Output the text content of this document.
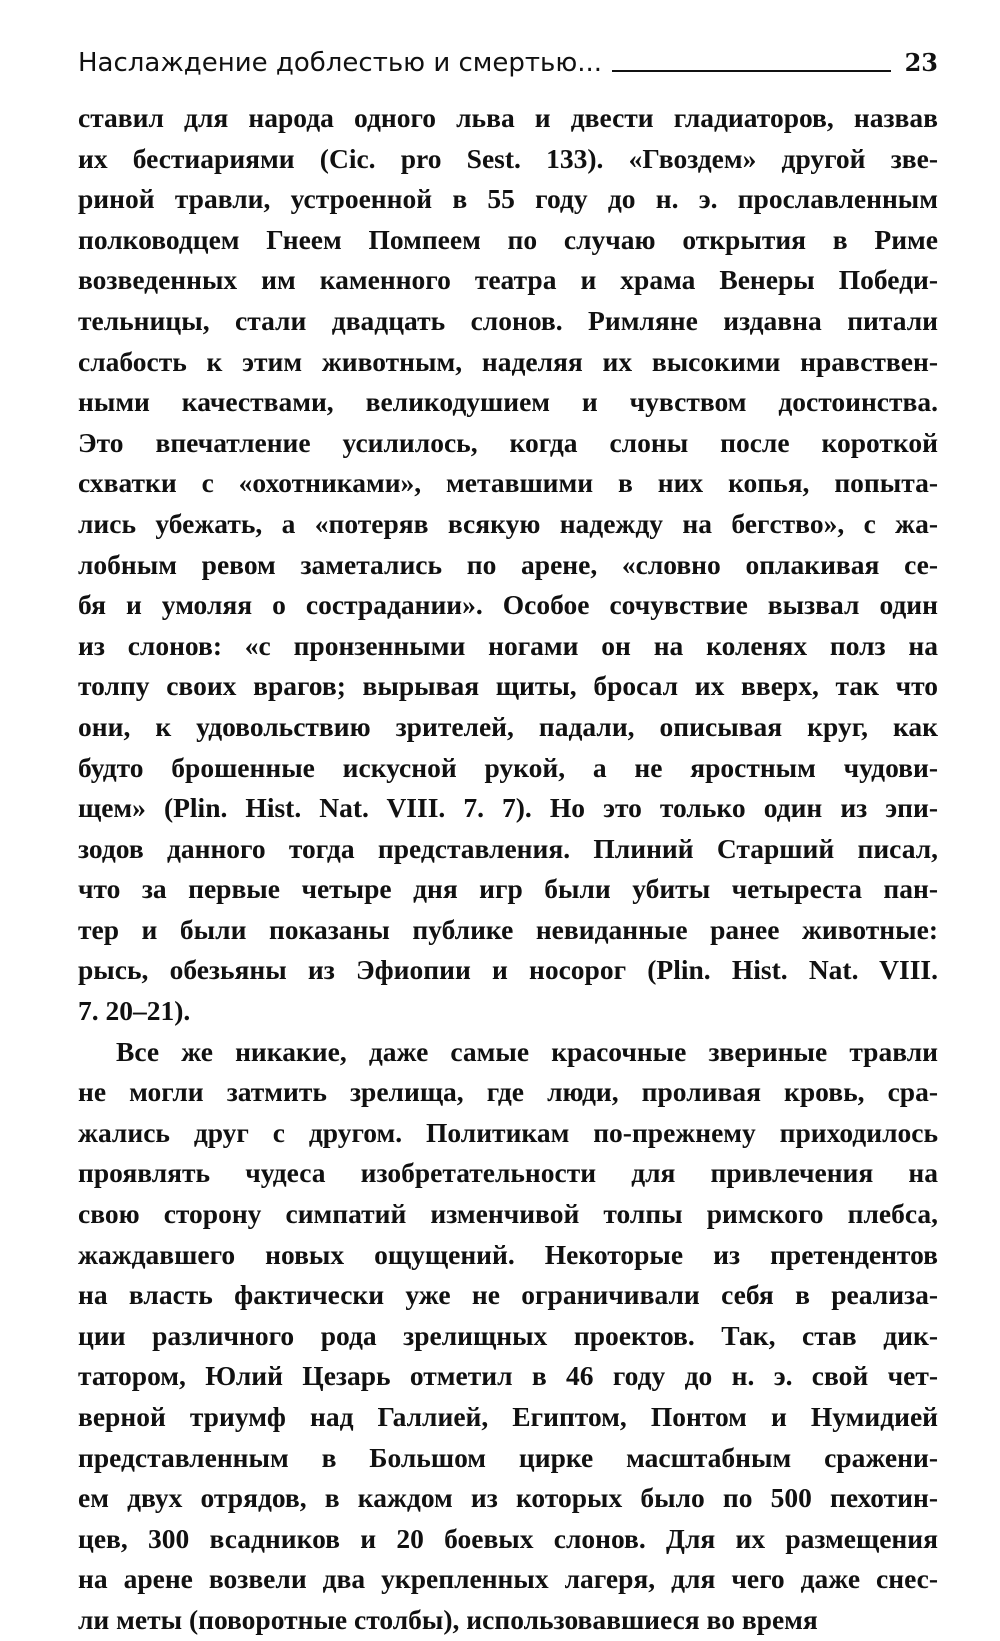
Наслаждение доблестью и смертью...	23
ставил для народа одного льва и двести гладиаторов, назвав
их бестиариями (Cic. pro Sest. 133). «Гвоздем» другой зве-
риной травли, устроенной в 55 году до н. э. прославленным
полководцем Гнеем Помпеем по случаю открытия в Риме
возведенных им каменного театра и храма Венеры Победи-
тельницы, стали двадцать слонов. Римляне издавна питали
слабость к этим животным, наделяя их высокими нравствен-
ными качествами, великодушием и чувством достоинства.
Это впечатление усилилось, когда слоны после короткой
схватки с «охотниками», метавшими в них копья, попыта-
лись убежать, а «потеряв всякую надежду на бегство», с жа-
лобным ревом заметались по арене, «словно оплакивая се-
бя и умоляя о сострадании». Особое сочувствие вызвал один
из слонов: «с пронзенными ногами он на коленях полз на
толпу своих врагов; вырывая щиты, бросал их вверх, так что
они, к удовольствию зрителей, падали, описывая круг, как
будто брошенные искусной рукой, а не яростным чудови-
щем» (Plin. Hist. Nat. VIII. 7. 7). Но это только один из эпи-
зодов данного тогда представления. Плиний Старший писал,
что за первые четыре дня игр были убиты четыреста пан-
тер и были показаны публике невиданные ранее животные:
рысь, обезьяны из Эфиопии и носорог (Plin. Hist. Nat. VIII.
7. 20–21).
Все же никакие, даже самые красочные звериные травли
не могли затмить зрелища, где люди, проливая кровь, сра-
жались друг с другом. Политикам по-прежнему приходилось
проявлять чудеса изобретательности для привлечения на
свою сторону симпатий изменчивой толпы римского плебса,
жаждавшего новых ощущений. Некоторые из претендентов
на власть фактически уже не ограничивали себя в реализа-
ции различного рода зрелищных проектов. Так, став дик-
татором, Юлий Цезарь отметил в 46 году до н. э. свой чет-
верной триумф над Галлией, Египтом, Понтом и Нумидией
представленным в Большом цирке масштабным сражени-
ем двух отрядов, в каждом из которых было по 500 пехотин-
цев, 300 всадников и 20 боевых слонов. Для их размещения
на арене возвели два укрепленных лагеря, для чего даже снес-
ли меты (поворотные столбы), использовавшиеся во время
